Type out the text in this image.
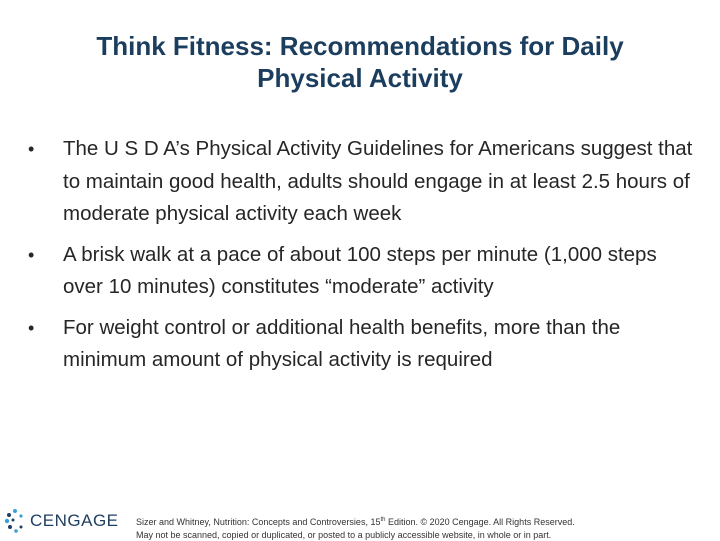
Think Fitness: Recommendations for Daily Physical Activity
• The U S D A’s Physical Activity Guidelines for Americans suggest that to maintain good health, adults should engage in at least 2.5 hours of moderate physical activity each week
• A brisk walk at a pace of about 100 steps per minute (1,000 steps over 10 minutes) constitutes “moderate” activity
• For weight control or additional health benefits, more than the minimum amount of physical activity is required
CENGAGE Sizer and Whitney, Nutrition: Concepts and Controversies, 15th Edition. © 2020 Cengage. All Rights Reserved.
May not be scanned, copied or duplicated, or posted to a publicly accessible website, in whole or in part.
